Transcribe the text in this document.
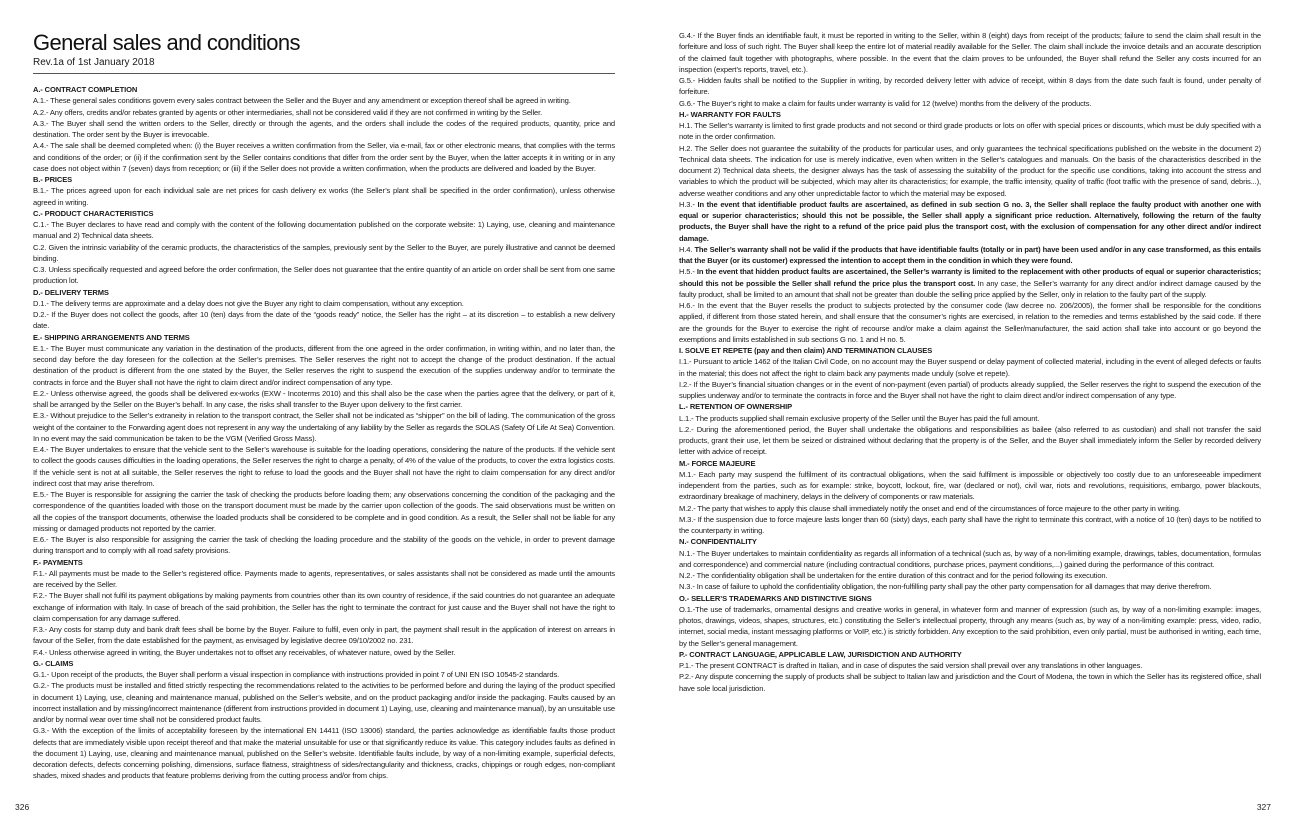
General sales and conditions
Rev.1a of 1st January 2018
A.- CONTRACT COMPLETION

A.1.- These general sales conditions govern every sales contract between the Seller and the Buyer and any amendment or exception thereof shall be agreed in writing.

A.2.- Any offers, credits and/or rebates granted by agents or other intermediaries, shall not be considered valid if they are not confirmed in writing by the Seller.

A.3.- The Buyer shall send the written orders to the Seller, directly or through the agents, and the orders shall include the codes of the required products, quantity, price and destination. The order sent by the Buyer is irrevocable.

A.4.- The sale shall be deemed completed when: (i) the Buyer receives a written confirmation from the Seller, via e-mail, fax or other electronic means, that complies with the terms and conditions of the order; or (ii) if the confirmation sent by the Seller contains conditions that differ from the order sent by the Buyer, when the latter accepts it in writing or in any case does not object within 7 (seven) days from reception; or (iii) if the Seller does not provide a written confirmation, when the products are delivered and loaded by the Buyer.

B.- PRICES

B.1.- The prices agreed upon for each individual sale are net prices for cash delivery ex works (the Seller’s plant shall be specified in the order confirmation), unless otherwise agreed in writing.

C.- PRODUCT CHARACTERISTICS

C.1.- The Buyer declares to have read and comply with the content of the following documentation published on the corporate website: 1) Laying, use, cleaning and maintenance manual and 2) Technical data sheets.

C.2. Given the intrinsic variability of the ceramic products, the characteristics of the samples, previously sent by the Seller to the Buyer, are purely illustrative and cannot be deemed binding.

C.3. Unless specifically requested and agreed before the order confirmation, the Seller does not guarantee that the entire quantity of an article on order shall be sent from one same production lot.

D.- DELIVERY TERMS

D.1.- The delivery terms are approximate and a delay does not give the Buyer any right to claim compensation, without any exception.

D.2.- If the Buyer does not collect the goods, after 10 (ten) days from the date of the “goods ready” notice, the Seller has the right – at its discretion – to establish a new delivery date.

E.- SHIPPING ARRANGEMENTS AND TERMS

E.1.- The Buyer must communicate any variation in the destination of the products, different from the one agreed in the order confirmation, in writing within, and no later than, the second day before the day foreseen for the collection at the Seller’s premises. The Seller reserves the right not to accept the change of the product destination. If the actual destination of the product is different from the one stated by the Buyer, the Seller reserves the right to suspend the execution of the supplies underway and/or to terminate the contracts in force and the Buyer shall not have the right to claim direct and/or indirect compensation of any type.

E.2.- Unless otherwise agreed, the goods shall be delivered ex-works (EXW - Incoterms 2010) and this shall also be the case when the parties agree that the delivery, or part of it, shall be arranged by the Seller on the Buyer’s behalf. In any case, the risks shall transfer to the Buyer upon delivery to the first carrier.

E.3.- Without prejudice to the Seller’s extraneity in relation to the transport contract, the Seller shall not be indicated as “shipper” on the bill of lading. The communication of the gross weight of the container to the Forwarding agent does not represent in any way the undertaking of any liability by the Seller as regards the SOLAS (Safety Of Life At Sea) Convention. In no event may the said communication be taken to be the VGM (Verified Gross Mass).

E.4.- The Buyer undertakes to ensure that the vehicle sent to the Seller’s warehouse is suitable for the loading operations, considering the nature of the products. If the vehicle sent to collect the goods causes difficulties in the loading operations, the Seller reserves the right to charge a penalty, of 4% of the value of the products, to cover the extra logistics costs. If the vehicle sent is not at all suitable, the Seller reserves the right to refuse to load the goods and the Buyer shall not have the right to claim compensation for any direct and/or indirect cost that may arise therefrom.

E.5.- The Buyer is responsible for assigning the carrier the task of checking the products before loading them; any observations concerning the condition of the packaging and the correspondence of the quantities loaded with those on the transport document must be made by the carrier upon collection of the goods. The said observations must be written on all the copies of the transport documents, otherwise the loaded products shall be considered to be complete and in good condition. As a result, the Seller shall not be liable for any missing or damaged products not reported by the carrier.

E.6.- The Buyer is also responsible for assigning the carrier the task of checking the loading procedure and the stability of the goods on the vehicle, in order to prevent damage during transport and to comply with all road safety provisions.

F.- PAYMENTS

F.1.- All payments must be made to the Seller’s registered office. Payments made to agents, representatives, or sales assistants shall not be considered as made until the amounts are received by the Seller.

F.2.- The Buyer shall not fulfil its payment obligations by making payments from countries other than its own country of residence, if the said countries do not guarantee an adequate exchange of information with Italy. In case of breach of the said prohibition, the Seller has the right to terminate the contract for just cause and the Buyer shall not have the right to claim compensation for any damage suffered.

F.3.- Any costs for stamp duty and bank draft fees shall be borne by the Buyer. Failure to fulfil, even only in part, the payment shall result in the application of interest on arrears in favour of the Seller, from the date established for the payment, as envisaged by legislative decree 09/10/2002 no. 231.

F.4.- Unless otherwise agreed in writing, the Buyer undertakes not to offset any receivables, of whatever nature, owed by the Seller.

G.- CLAIMS

G.1.- Upon receipt of the products, the Buyer shall perform a visual inspection in compliance with instructions provided in point 7 of UNI EN ISO 10545-2 standards.

G.2.- The products must be installed and fitted strictly respecting the recommendations related to the activities to be performed before and during the laying of the product specified in document 1) Laying, use, cleaning and maintenance manual, published on the Seller’s website, and on the product packaging and/or inside the packaging. Faults caused by an incorrect installation and by missing/incorrect maintenance (different from instructions provided in document 1) Laying, use, cleaning and maintenance manual), by an unsuitable use and/or by normal wear over time shall not be considered product faults.

G.3.- With the exception of the limits of acceptability foreseen by the international EN 14411 (ISO 13006) standard, the parties acknowledge as identifiable faults those product defects that are immediately visible upon receipt thereof and that make the material unsuitable for use or that significantly reduce its value. This category includes faults as defined in the document 1) Laying, use, cleaning and maintenance manual, published on the Seller’s website. Identifiable faults include, by way of a non-limiting example, superficial defects, decoration defects, defects concerning polishing, dimensions, surface flatness, straightness of sides/rectangularity and thickness, cracks, chippings or rough edges, non-compliant shades, mixed shades and products that feature problems deriving from the cutting process and/or from chips.

G.4.- If the Buyer finds an identifiable fault, it must be reported in writing to the Seller, within 8 (eight) days from receipt of the products; failure to send the claim shall result in the forfeiture and loss of such right. The Buyer shall keep the entire lot of material readily available for the Seller. The claim shall include the invoice details and an accurate description of the claimed fault together with photographs, where possible. In the event that the claim proves to be unfounded, the Buyer shall refund the Seller any costs incurred for an inspection (expert’s reports, travel, etc.).

G.5.- Hidden faults shall be notified to the Supplier in writing, by recorded delivery letter with advice of receipt, within 8 days from the date such fault is found, under penalty of forfeiture.

G.6.- The Buyer’s right to make a claim for faults under warranty is valid for 12 (twelve) months from the delivery of the products.

H.- WARRANTY FOR FAULTS

H.1. The Seller’s warranty is limited to first grade products and not second or third grade products or lots on offer with special prices or discounts, which must be duly specified with a note in the order confirmation.

H.2. The Seller does not guarantee the suitability of the products for particular uses, and only guarantees the technical specifications published on the website in the document 2) Technical data sheets. The indication for use is merely indicative, even when written in the Seller’s catalogues and manuals. On the basis of the characteristics described in the document 2) Technical data sheets, the designer always has the task of assessing the suitability of the product for the specific use conditions, taking into account the stress and variables to which the product will be subjected, which may alter its characteristics; for example, the traffic intensity, quality of traffic (foot traffic with the presence of sand, debris...), adverse weather conditions and any other unpredictable factor to which the material may be exposed.

H.3.- In the event that identifiable product faults are ascertained, as defined in sub section G no. 3, the Seller shall replace the faulty product with another one with equal or superior characteristics; should this not be possible, the Seller shall apply a significant price reduction. Alternatively, following the return of the faulty products, the Buyer shall have the right to a refund of the price paid plus the transport cost, with the exclusion of compensation for any other direct and/or indirect damage.

H.4. The Seller’s warranty shall not be valid if the products that have identifiable faults (totally or in part) have been used and/or in any case transformed, as this entails that the Buyer (or its customer) expressed the intention to accept them in the condition in which they were found.

H.5.- In the event that hidden product faults are ascertained, the Seller’s warranty is limited to the replacement with other products of equal or superior characteristics; should this not be possible the Seller shall refund the price plus the transport cost. In any case, the Seller’s warranty for any direct and/or indirect damage caused by the faulty product, shall be limited to an amount that shall not be greater than double the selling price applied by the Seller, only in relation to the faulty part of the supply.

H.6.- In the event that the Buyer resells the product to subjects protected by the consumer code (law decree no. 206/2005), the former shall be responsible for the conditions applied, if different from those stated herein, and shall ensure that the consumer’s rights are exercised, in relation to the remedies and terms established by the said code. If there are the grounds for the Buyer to exercise the right of recourse and/or make a claim against the Seller/manufacturer, the said action shall take into account or go beyond the exemptions and limits established in sub sections G no. 1 and H no. 5.

I. SOLVE ET REPETE (pay and then claim) AND TERMINATION CLAUSES

I.1.- Pursuant to article 1462 of the Italian Civil Code, on no account may the Buyer suspend or delay payment of collected material, including in the event of alleged defects or faults in the material; this does not affect the right to claim back any payments made unduly (solve et repete).

I.2.- If the Buyer’s financial situation changes or in the event of non-payment (even partial) of products already supplied, the Seller reserves the right to suspend the execution of the supplies underway and/or to terminate the contracts in force and the Buyer shall not have the right to claim direct and/or indirect compensation of any type.

L.- RETENTION OF OWNERSHIP

L.1.- The products supplied shall remain exclusive property of the Seller until the Buyer has paid the full amount.

L.2.- During the aforementioned period, the Buyer shall undertake the obligations and responsibilities as bailee (also referred to as custodian) and shall not transfer the said products, grant their use, let them be seized or distrained without declaring that the property is of the Seller, and the Buyer shall immediately inform the Seller by recorded delivery letter with advice of receipt.

M.- FORCE MAJEURE

M.1.- Each party may suspend the fulfilment of its contractual obligations, when the said fulfilment is impossible or objectively too costly due to an unforeseeable impediment independent from the parties, such as for example: strike, boycott, lockout, fire, war (declared or not), civil war, riots and revolutions, requisitions, embargo, power blackouts, extraordinary breakage of machinery, delays in the delivery of components or raw materials.

M.2.- The party that wishes to apply this clause shall immediately notify the onset and end of the circumstances of force majeure to the other party in writing.

M.3.- If the suspension due to force majeure lasts longer than 60 (sixty) days, each party shall have the right to terminate this contract, with a notice of 10 (ten) days to be notified to the counterparty in writing.

N.- CONFIDENTIALITY

N.1.- The Buyer undertakes to maintain confidentiality as regards all information of a technical (such as, by way of a non-limiting example, drawings, tables, documentation, formulas and correspondence) and commercial nature (including contractual conditions, purchase prices, payment conditions,...) gained during the performance of this contract.

N.2.- The confidentiality obligation shall be undertaken for the entire duration of this contract and for the period following its execution.

N.3.- In case of failure to uphold the confidentiality obligation, the non-fulfilling party shall pay the other party compensation for all damages that may derive therefrom.

O.- SELLER’S TRADEMARKS AND DISTINCTIVE SIGNS

O.1.-The use of trademarks, ornamental designs and creative works in general, in whatever form and manner of expression (such as, by way of a non-limiting example: images, photos, drawings, videos, shapes, structures, etc.) constituting the Seller’s intellectual property, through any means (such as, by way of a non-limiting example: press, video, radio, internet, social media, instant messaging platforms or VoIP, etc.) is strictly forbidden. Any exception to the said prohibition, even only partial, must be authorised in writing, each time, by the Seller’s general management.

P.- CONTRACT LANGUAGE, APPLICABLE LAW, JURISDICTION AND AUTHORITY

P.1.- The present CONTRACT is drafted in Italian, and in case of disputes the said version shall prevail over any translations in other languages.

P.2.- Any dispute concerning the supply of products shall be subject to Italian law and jurisdiction and the Court of Modena, the town in which the Seller has its registered office, shall have sole local jurisdiction.

326	327
